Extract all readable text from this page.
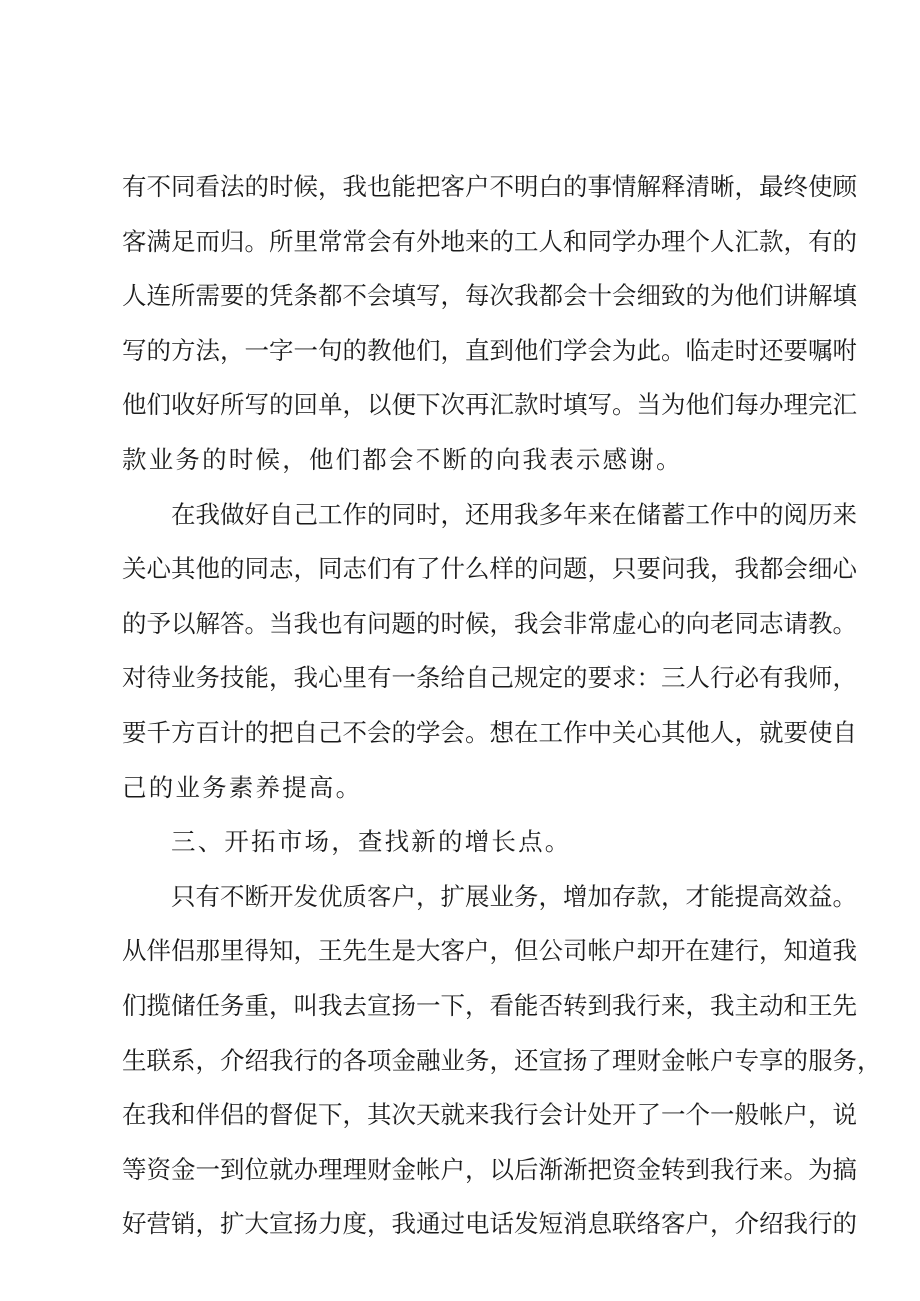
有不同看法的时候，我也能把客户不明白的事情解释清晰，最终使顾
客满足而归。所里常常会有外地来的工人和同学办理个人汇款，有的
人连所需要的凭条都不会填写，每次我都会十会细致的为他们讲解填
写的方法，一字一句的教他们，直到他们学会为此。临走时还要嘱咐
他们收好所写的回单，以便下次再汇款时填写。当为他们每办理完汇
款业务的时候，他们都会不断的向我表示感谢。
在我做好自己工作的同时，还用我多年来在储蓄工作中的阅历来
关心其他的同志，同志们有了什么样的问题，只要问我，我都会细心
的予以解答。当我也有问题的时候，我会非常虚心的向老同志请教。
对待业务技能，我心里有一条给自己规定的要求：三人行必有我师，
要千方百计的把自己不会的学会。想在工作中关心其他人，就要使自
己的业务素养提高。
三、开拓市场，查找新的增长点。
只有不断开发优质客户，扩展业务，增加存款，才能提高效益。
从伴侣那里得知，王先生是大客户，但公司帐户却开在建行，知道我
们揽储任务重，叫我去宣扬一下，看能否转到我行来，我主动和王先
生联系，介绍我行的各项金融业务，还宣扬了理财金帐户专享的服务，
在我和伴侣的督促下，其次天就来我行会计处开了一个一般帐户，说
等资金一到位就办理理财金帐户，以后渐渐把资金转到我行来。为搞
好营销，扩大宣扬力度，我通过电话发短消息联络客户，介绍我行的
